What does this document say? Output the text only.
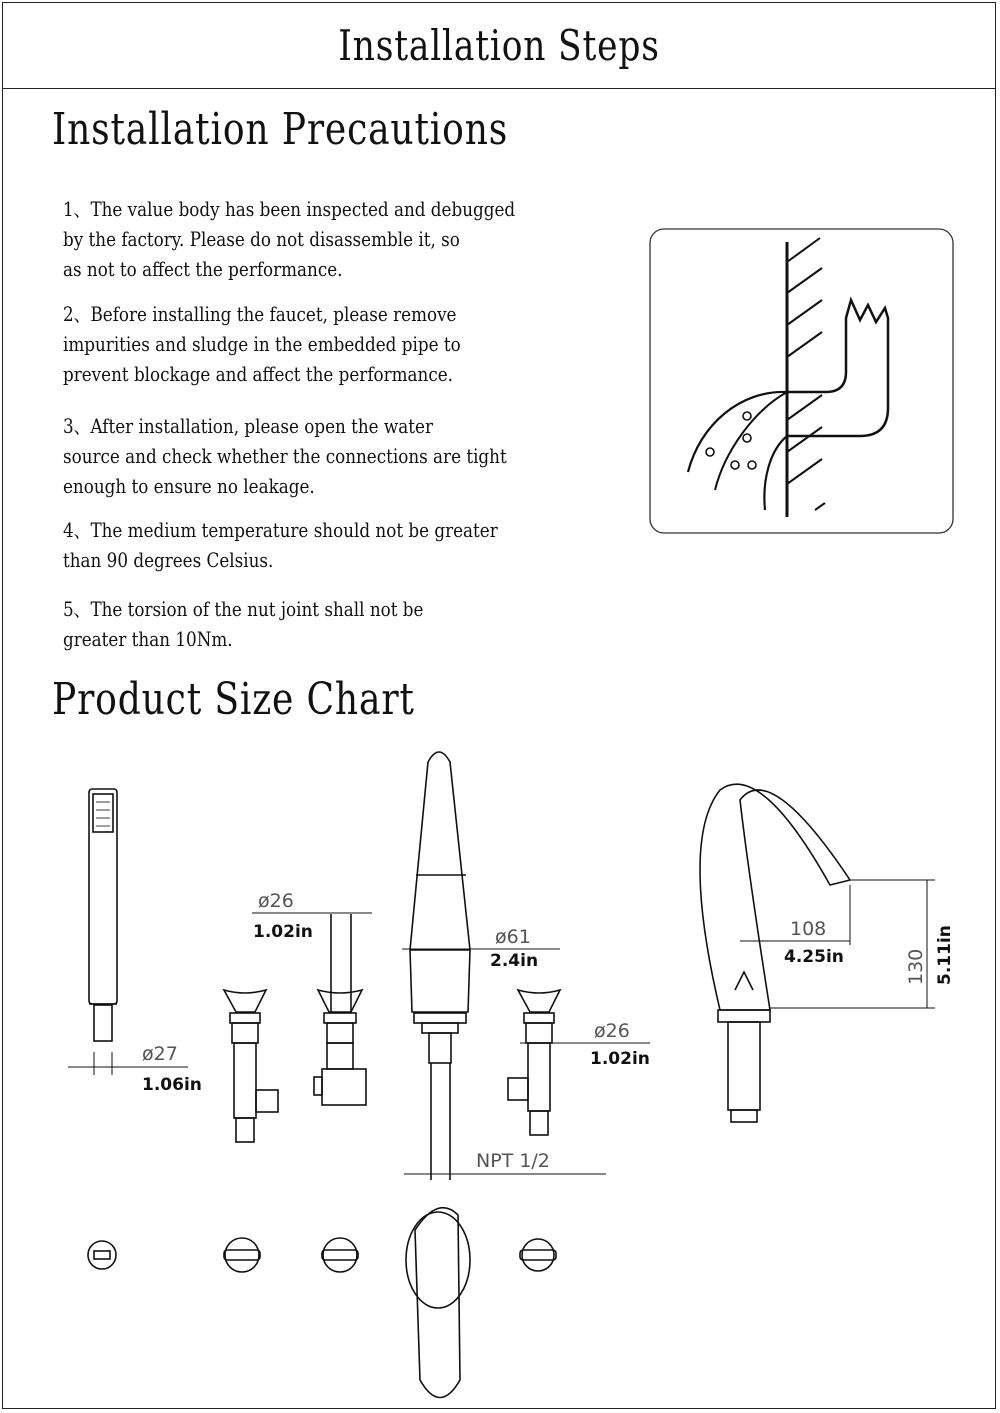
Installation Steps
Installation Precautions

1、The value body has been inspected and debugged
by the factory. Please do not disassemble it, so
as not to affect the performance.

2、Before installing the faucet, please remove
impurities and sludge in the embedded pipe to
prevent blockage and affect the performance.

3、After installation, please open the water
source and check whether the connections are tight
enough to ensure no leakage.

4、The medium temperature should not be greater
than 90 degrees Celsius.

5、The torsion of the nut joint shall not be
greater than 10Nm.

Product Size Chart
ø27
1.06in
ø26
1.02in	ø61
2.4in
ø26
1.02in
NPT 1/2
108
4.25in	130 5.11in
